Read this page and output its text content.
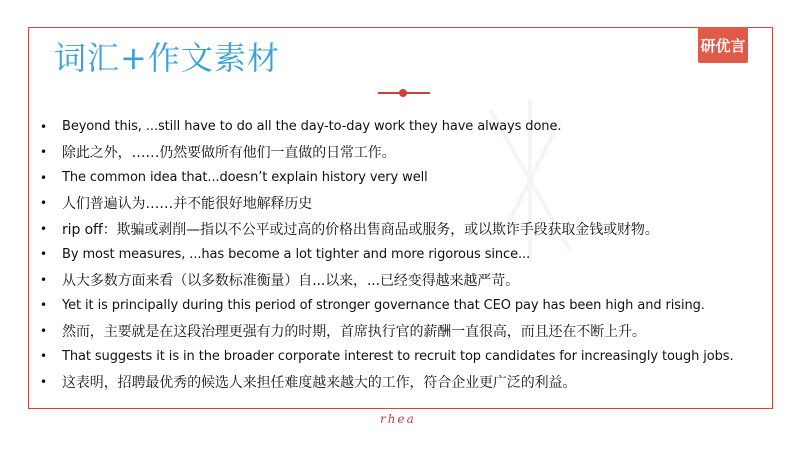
词汇+作文素材	研优言
•	Beyond this, ...still have to do all the day-to-day work they have always done.
•	除此之外，……仍然要做所有他们一直做的日常工作。
•	The common idea that...doesn’t explain history very well
•	人们普遍认为……并不能很好地解释历史
•	rip off：欺骗或剥削—指以不公平或过高的价格出售商品或服务，或以欺诈手段获取金钱或财物。
•	By most measures, ...has become a lot tighter and more rigorous since...
•	从大多数方面来看（以多数标准衡量）自...以来，...已经变得越来越严苛。
•	Yet it is principally during this period of stronger governance that CEO pay has been high and rising.
•	然而，主要就是在这段治理更强有力的时期，首席执行官的薪酬一直很高，而且还在不断上升。
•	That suggests it is in the broader corporate interest to recruit top candidates for increasingly tough jobs.
•	这表明，招聘最优秀的候选人来担任难度越来越大的工作，符合企业更广泛的利益。
rhea
